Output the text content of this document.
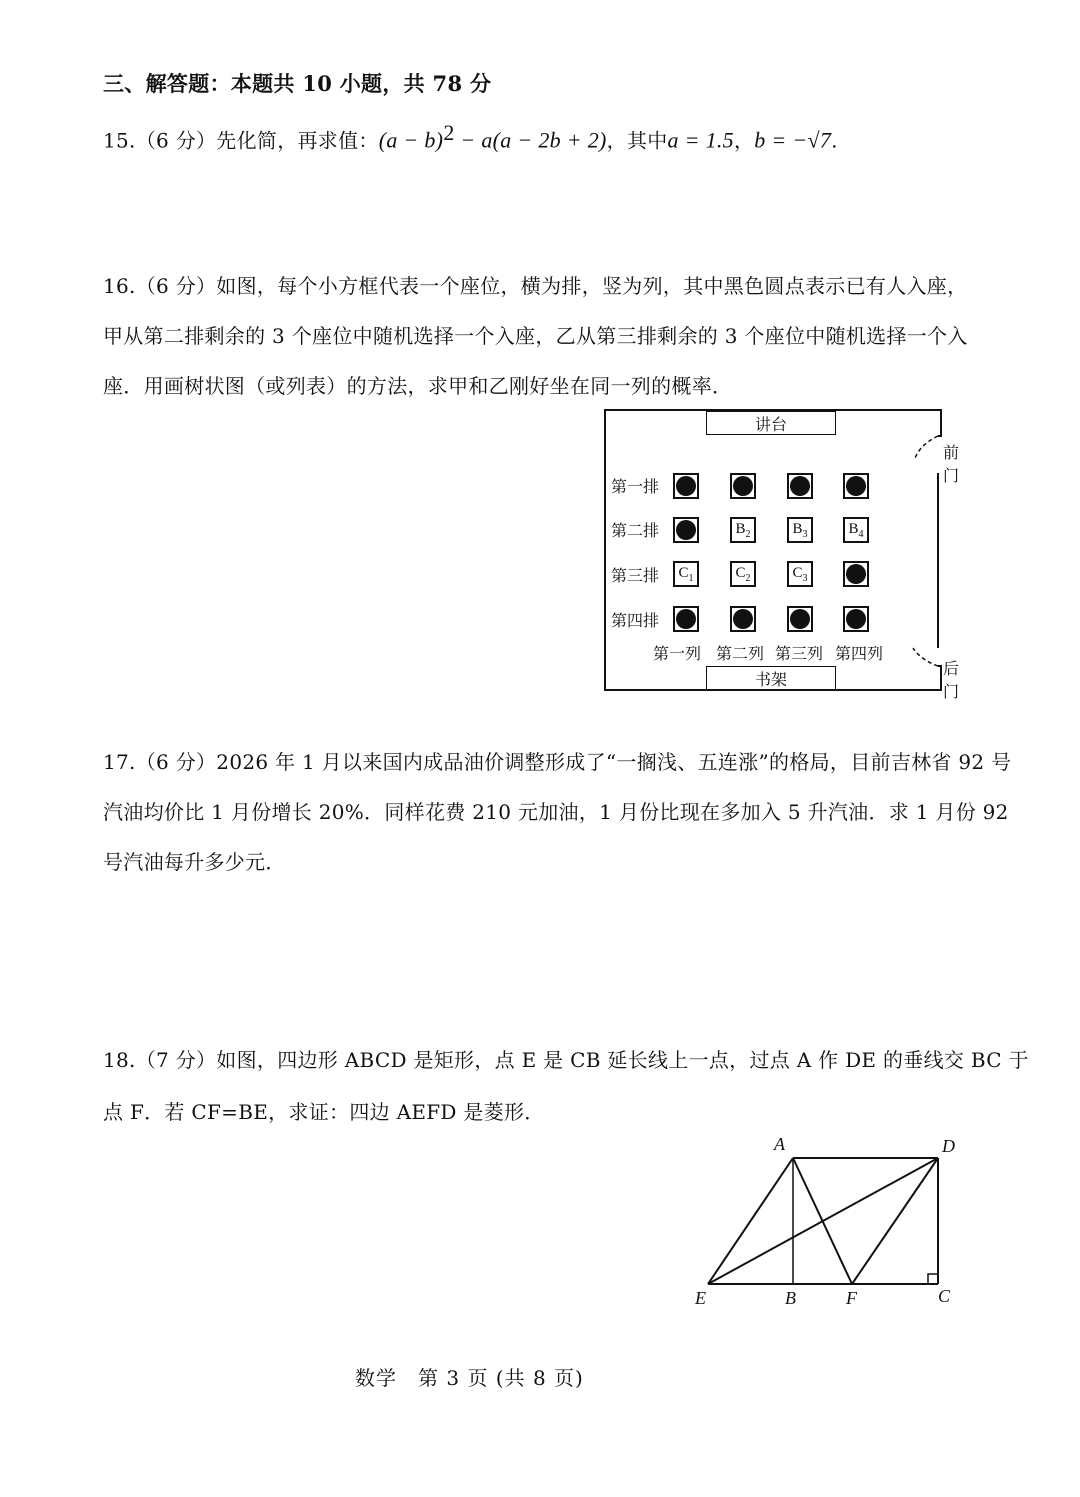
三、解答题：本题共 10 小题，共 78 分
15.（6 分）先化简，再求值：$(a - b)^2 - a(a - 2b + 2)$，其中a = 1.5，b = −√7.
16.（6 分）如图，每个小方框代表一个座位，横为排，竖为列，其中黑色圆点表示已有人入座，
甲从第二排剩余的 3 个座位中随机选择一个入座，乙从第三排剩余的 3 个座位中随机选择一个入
座．用画树状图（或列表）的方法，求甲和乙刚好坐在同一列的概率．
讲台
书架
前门
后门
第一排
第二排
第三排
第四排
$B_2$	$B_3$	$B_4$
$C_1$	$C_2$	$C_3$
第一列 第二列 第三列 第四列
17.（6 分）2026 年 1 月以来国内成品油价调整形成了“一搁浅、五连涨”的格局，目前吉林省 92 号
汽油均价比 1 月份增长 20%．同样花费 210 元加油，1 月份比现在多加入 5 升汽油．求 1 月份 92
号汽油每升多少元．
18.（7 分）如图，四边形 ABCD 是矩形，点 E 是 CB 延长线上一点，过点 A 作 DE 的垂线交 BC 于
点 F．若 CF=BE，求证：四边 AEFD 是菱形．
A	D
E	B	F	C
数学　第 3 页 (共 8 页)
